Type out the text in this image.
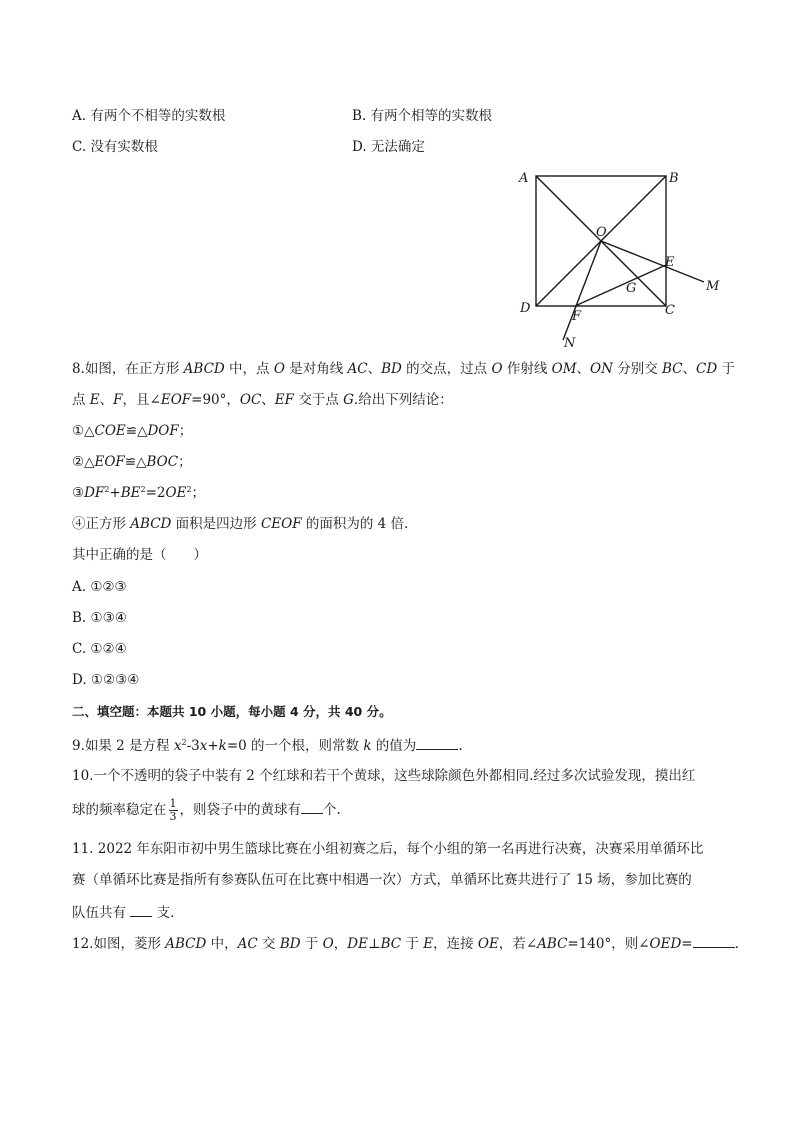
A. 有两个不相等的实数根	B. 有两个相等的实数根
C. 没有实数根	D. 无法确定
A	B
C
D
O
E
F
G	M
N
8.如图，在正方形 ABCD 中，点 O 是对角线 AC、BD 的交点，过点 O 作射线 OM、ON 分别交 BC、CD 于
点 E、F，且∠EOF=90°，OC、EF 交于点 G.给出下列结论：
①△COE≌△DOF；
②△EOF≌△BOC；
$③DF^2+BE^2=2OE^2$；
④正方形 ABCD 面积是四边形 CEOF 的面积为的 4 倍.
其中正确的是（　　）
A. ①②③
B. ①③④
C. ①②④
D. ①②③④
二、填空题：本题共 10 小题，每小题 4 分，共 40 分。
9.如果 2 是方程 $x^2-3x+k=0$ 的一个根，则常数 k 的值为	.
10.一个不透明的袋子中装有 2 个红球和若干个黄球，这些球除颜色外都相同.经过多次试验发现，摸出红
球的频率稳定在 $\frac{1}{3}$ ，则袋子中的黄球有 个.
11. 2022 年东阳市初中男生篮球比赛在小组初赛之后，每个小组的第一名再进行决赛，决赛采用单循环比
赛（单循环比赛是指所有参赛队伍可在比赛中相遇一次）方式，单循环比赛共进行了 15 场，参加比赛的
队伍共有  支.
12.如图，菱形 ABCD 中，AC 交 BD 于 O，DE⊥BC 于 E，连接 OE，若∠ABC=140°，则∠OED=	.
